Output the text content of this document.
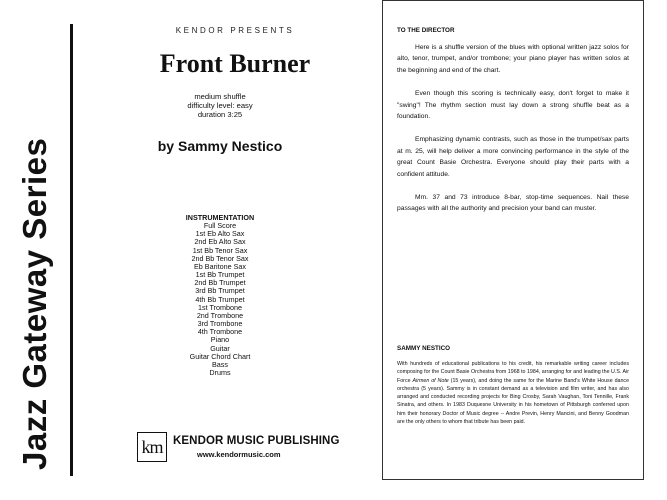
Jazz Gateway Series
KENDOR PRESENTS
Front Burner
medium shuffle
difficulty level: easy
duration 3:25
by Sammy Nestico
INSTRUMENTATION
Full Score
1st Eb Alto Sax
2nd Eb Alto Sax
1st Bb Tenor Sax
2nd Bb Tenor Sax
Eb Baritone Sax
1st Bb Trumpet
2nd Bb Trumpet
3rd Bb Trumpet
4th Bb Trumpet
1st Trombone
2nd Trombone
3rd Trombone
4th Trombone
Piano
Guitar
Guitar Chord Chart
Bass
Drums
km KENDOR MUSIC PUBLISHING
www.kendormusic.com
TO THE DIRECTOR

Here is a shuffle version of the blues with optional written jazz solos for alto, tenor, trumpet, and/or trombone; your piano player has written solos at the beginning and end of the chart.

Even though this scoring is technically easy, don't forget to make it "swing"! The rhythm section must lay down a strong shuffle beat as a foundation.

Emphasizing dynamic contrasts, such as those in the trumpet/sax parts at m. 25, will help deliver a more convincing performance in the style of the great Count Basie Orchestra. Everyone should play their parts with a confident attitude.

Mm. 37 and 73 introduce 8-bar, stop-time sequences. Nail these passages with all the authority and precision your band can muster.

SAMMY NESTICO
With hundreds of educational publications to his credit, his remarkable writing career includes composing for the Count Basie Orchestra from 1968 to 1984, arranging for and leading the U.S. Air Force Airmen of Note (15 years), and doing the same for the Marine Band's White House dance orchestra (5 years). Sammy is in constant demand as a television and film writer, and has also arranged and conducted recording projects for Bing Crosby, Sarah Vaughan, Toni Tennille, Frank Sinatra, and others. In 1983 Duquesne University in his hometown of Pittsburgh conferred upon him their honorary Doctor of Music degree -- Andre Previn, Henry Mancini, and Benny Goodman are the only others to whom that tribute has been paid.
